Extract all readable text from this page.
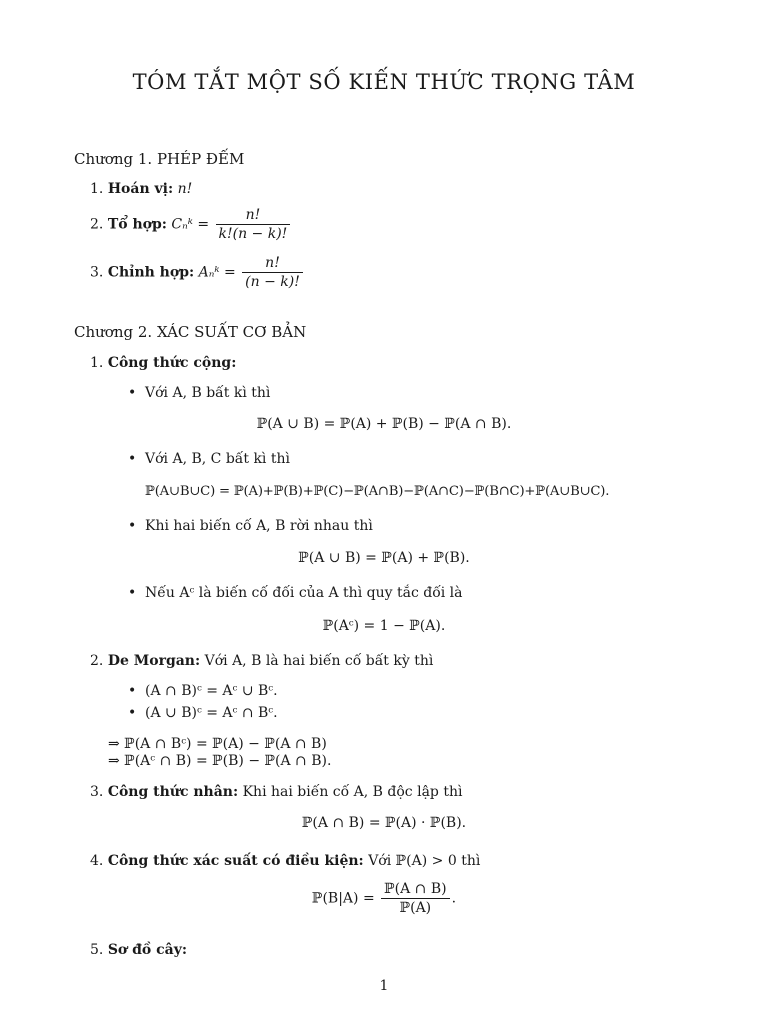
TÓM TẮT MỘT SỐ KIẾN THỨC TRỌNG TÂM
Chương 1. PHÉP ĐẾM
1. Hoán vị: n!
2. Tổ hợp: Cₙᵏ = $\frac{n!}{k!(n - k)!}$
3. Chỉnh hợp: Aₙᵏ = $\frac{n!}{(n - k)!}$
Chương 2. XÁC SUẤT CƠ BẢN
1. Công thức cộng:
• Với A, B bất kì thì
ℙ(A ∪ B) = ℙ(A) + ℙ(B) − ℙ(A ∩ B).
• Với A, B, C bất kì thì
ℙ(A∪B∪C) = ℙ(A)+ℙ(B)+ℙ(C)−ℙ(A∩B)−ℙ(A∩C)−ℙ(B∩C)+ℙ(A∪B∪C).
• Khi hai biến cố A, B rời nhau thì
ℙ(A ∪ B) = ℙ(A) + ℙ(B).
• Nếu Aᶜ là biến cố đối của A thì quy tắc đối là
ℙ(Aᶜ) = 1 − ℙ(A).
2. De Morgan: Với A, B là hai biến cố bất kỳ thì
• (A ∩ B)ᶜ = Aᶜ ∪ Bᶜ.
• (A ∪ B)ᶜ = Aᶜ ∩ Bᶜ.
⇒ ℙ(A ∩ Bᶜ) = ℙ(A) − ℙ(A ∩ B)
⇒ ℙ(Aᶜ ∩ B) = ℙ(B) − ℙ(A ∩ B).
3. Công thức nhân: Khi hai biến cố A, B độc lập thì
ℙ(A ∩ B) = ℙ(A) · ℙ(B).
4. Công thức xác suất có điều kiện: Với ℙ(A) > 0 thì
ℙ(B|A) = $\frac{\text{ℙ(A ∩ B)}}{\text{ℙ(A)}}$ .
5. Sơ đồ cây:
1
